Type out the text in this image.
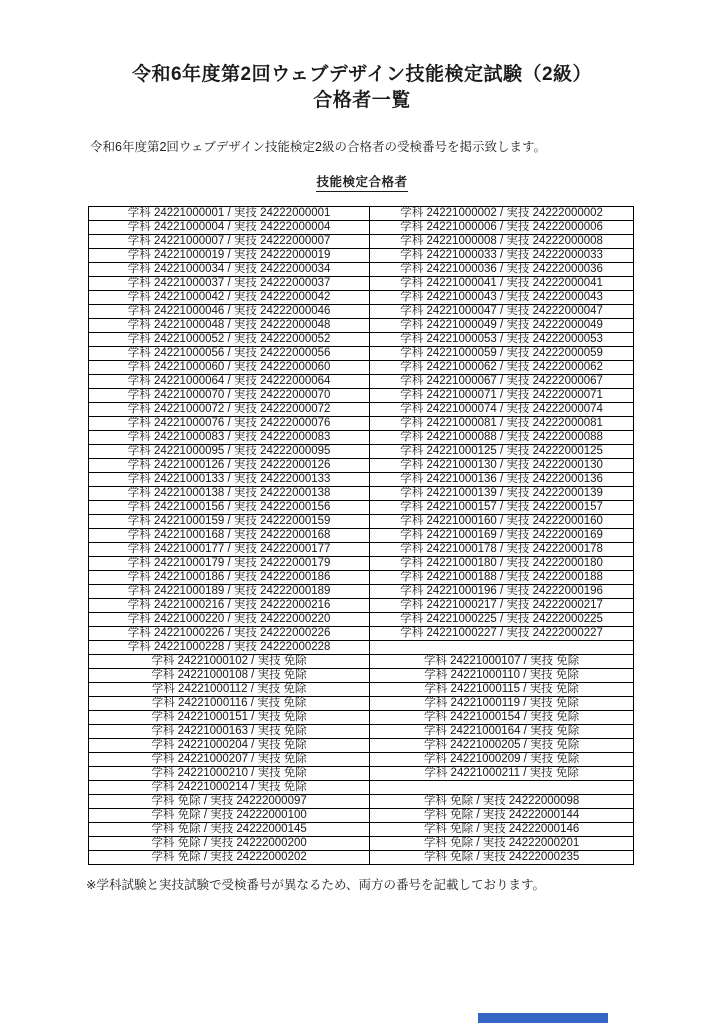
令和6年度第2回ウェブデザイン技能検定試験（2級）
合格者一覧

令和6年度第2回ウェブデザイン技能検定2級の合格者の受検番号を掲示致します。

技能検定合格者
学科 24221000001 / 実技 24222000001	学科 24221000002 / 実技 24222000002
学科 24221000004 / 実技 24222000004	学科 24221000006 / 実技 24222000006
学科 24221000007 / 実技 24222000007	学科 24221000008 / 実技 24222000008
学科 24221000019 / 実技 24222000019	学科 24221000033 / 実技 24222000033
学科 24221000034 / 実技 24222000034	学科 24221000036 / 実技 24222000036
学科 24221000037 / 実技 24222000037	学科 24221000041 / 実技 24222000041
学科 24221000042 / 実技 24222000042	学科 24221000043 / 実技 24222000043
学科 24221000046 / 実技 24222000046	学科 24221000047 / 実技 24222000047
学科 24221000048 / 実技 24222000048	学科 24221000049 / 実技 24222000049
学科 24221000052 / 実技 24222000052	学科 24221000053 / 実技 24222000053
学科 24221000056 / 実技 24222000056	学科 24221000059 / 実技 24222000059
学科 24221000060 / 実技 24222000060	学科 24221000062 / 実技 24222000062
学科 24221000064 / 実技 24222000064	学科 24221000067 / 実技 24222000067
学科 24221000070 / 実技 24222000070	学科 24221000071 / 実技 24222000071
学科 24221000072 / 実技 24222000072	学科 24221000074 / 実技 24222000074
学科 24221000076 / 実技 24222000076	学科 24221000081 / 実技 24222000081
学科 24221000083 / 実技 24222000083	学科 24221000088 / 実技 24222000088
学科 24221000095 / 実技 24222000095	学科 24221000125 / 実技 24222000125
学科 24221000126 / 実技 24222000126	学科 24221000130 / 実技 24222000130
学科 24221000133 / 実技 24222000133	学科 24221000136 / 実技 24222000136
学科 24221000138 / 実技 24222000138	学科 24221000139 / 実技 24222000139
学科 24221000156 / 実技 24222000156	学科 24221000157 / 実技 24222000157
学科 24221000159 / 実技 24222000159	学科 24221000160 / 実技 24222000160
学科 24221000168 / 実技 24222000168	学科 24221000169 / 実技 24222000169
学科 24221000177 / 実技 24222000177	学科 24221000178 / 実技 24222000178
学科 24221000179 / 実技 24222000179	学科 24221000180 / 実技 24222000180
学科 24221000186 / 実技 24222000186	学科 24221000188 / 実技 24222000188
学科 24221000189 / 実技 24222000189	学科 24221000196 / 実技 24222000196
学科 24221000216 / 実技 24222000216	学科 24221000217 / 実技 24222000217
学科 24221000220 / 実技 24222000220	学科 24221000225 / 実技 24222000225
学科 24221000226 / 実技 24222000226	学科 24221000227 / 実技 24222000227
学科 24221000228 / 実技 24222000228	
学科 24221000102 / 実技 免除	学科 24221000107 / 実技 免除
学科 24221000108 / 実技 免除	学科 24221000110 / 実技 免除
学科 24221000112 / 実技 免除	学科 24221000115 / 実技 免除
学科 24221000116 / 実技 免除	学科 24221000119 / 実技 免除
学科 24221000151 / 実技 免除	学科 24221000154 / 実技 免除
学科 24221000163 / 実技 免除	学科 24221000164 / 実技 免除
学科 24221000204 / 実技 免除	学科 24221000205 / 実技 免除
学科 24221000207 / 実技 免除	学科 24221000209 / 実技 免除
学科 24221000210 / 実技 免除	学科 24221000211 / 実技 免除
学科 24221000214 / 実技 免除	
学科 免除 / 実技 24222000097	学科 免除 / 実技 24222000098
学科 免除 / 実技 24222000100	学科 免除 / 実技 24222000144
学科 免除 / 実技 24222000145	学科 免除 / 実技 24222000146
学科 免除 / 実技 24222000200	学科 免除 / 実技 24222000201
学科 免除 / 実技 24222000202	学科 免除 / 実技 24222000235

※学科試験と実技試験で受検番号が異なるため、両方の番号を記載しております。
